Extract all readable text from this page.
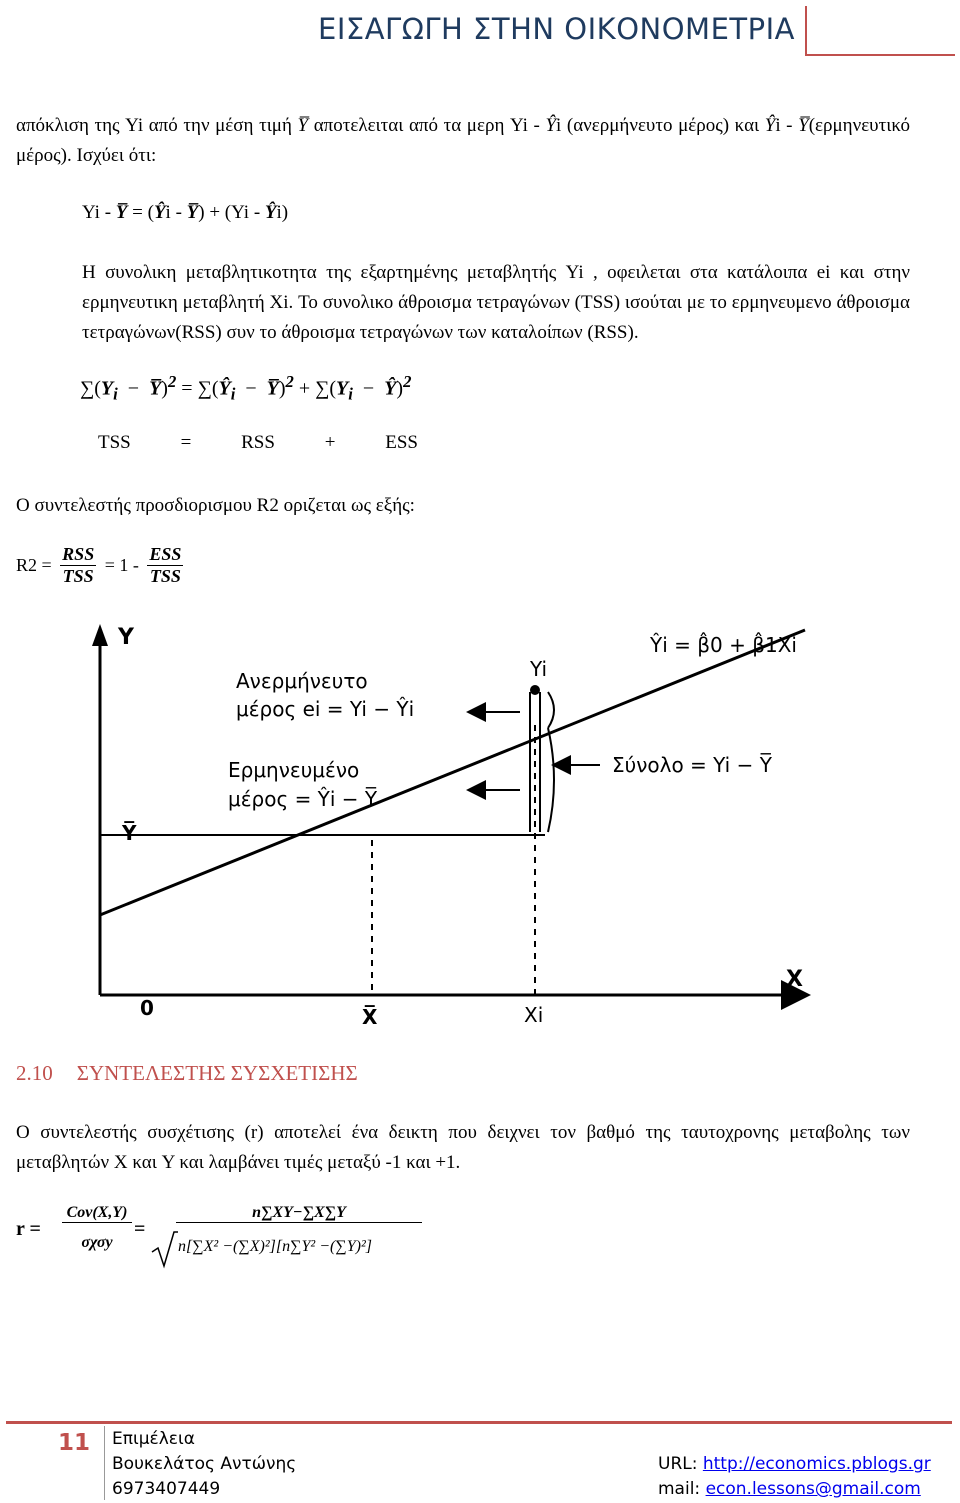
ΕΙΣΑΓΩΓΗ ΣΤΗΝ ΟΙΚΟΝΟΜΕΤΡΙΑ
απόκλιση της Yi από την μέση τιμή Y̅ αποτελειται από τα μερη Yi - Ŷi (ανερμήνευτο μέρος) και Ŷi - Y̅(ερμηνευτικό μέρος). Ισχύει ότι:
Yi - Y̅ = (Ŷi - Y̅) + (Yi - Ŷi)
Η συνολικη μεταβλητικοτητα της εξαρτημένης μεταβλητής Yi , οφειλεται στα κατάλοιπα ei και στην ερμηνευτικη μεταβλητή Xi. Το συνολικο άθροισμα τετραγώνων (TSS) ισούται με το ερμηνευμενο άθροισμα τετραγώνων(RSS) συν το άθροισμα τετραγώνων των καταλοίπων (RSS).
$\sum(Y_i$  −  Y̅)$^2$ = $\sum(Ŷ_i$  −  Y̅)$^2$ + $\sum(Y_i$  −  Ŷ)$^2$
TSS	=	RSS	+	ESS
Ο συντελεστής προσδιορισμου R2 οριζεται ως εξής:
$R2 = \frac{\text{RSS}}{\text{TSS}} = 1 - \frac{\text{ESS}}{\text{TSS}}$
Y
X
0
Y̅
X̅	Xi
Yi
Ŷi = β̂0 + β̂1Xi
Ανερμήνευτο
μέρος ei = Yi − Ŷi
Ερμηνευμένο
μέρος = Ŷi − Y̅
Σύνολο = Yi − Y̅
2.10 ΣΥΝΤΕΛΕΣΤΗΣ ΣΥΣΧΕΤΙΣΗΣ
Ο συντελεστής συσχέτισης (r) αποτελεί ένα δεικτη που δειχνει τον βαθμό της ταυτοχρονης μεταβολης των μεταβλητών X και Y και λαμβάνει τιμές μεταξύ -1 και +1.
r =
Cov(X,Y)
σχσy
=
n∑XY−∑X∑Y
n[∑X² −(∑X)²][n∑Y² −(∑Y)²]
11 Επιμέλεια
Βουκελάτος Αντώνης
6973407449
URL: http://economics.pblogs.gr
mail: econ.lessons@gmail.com
